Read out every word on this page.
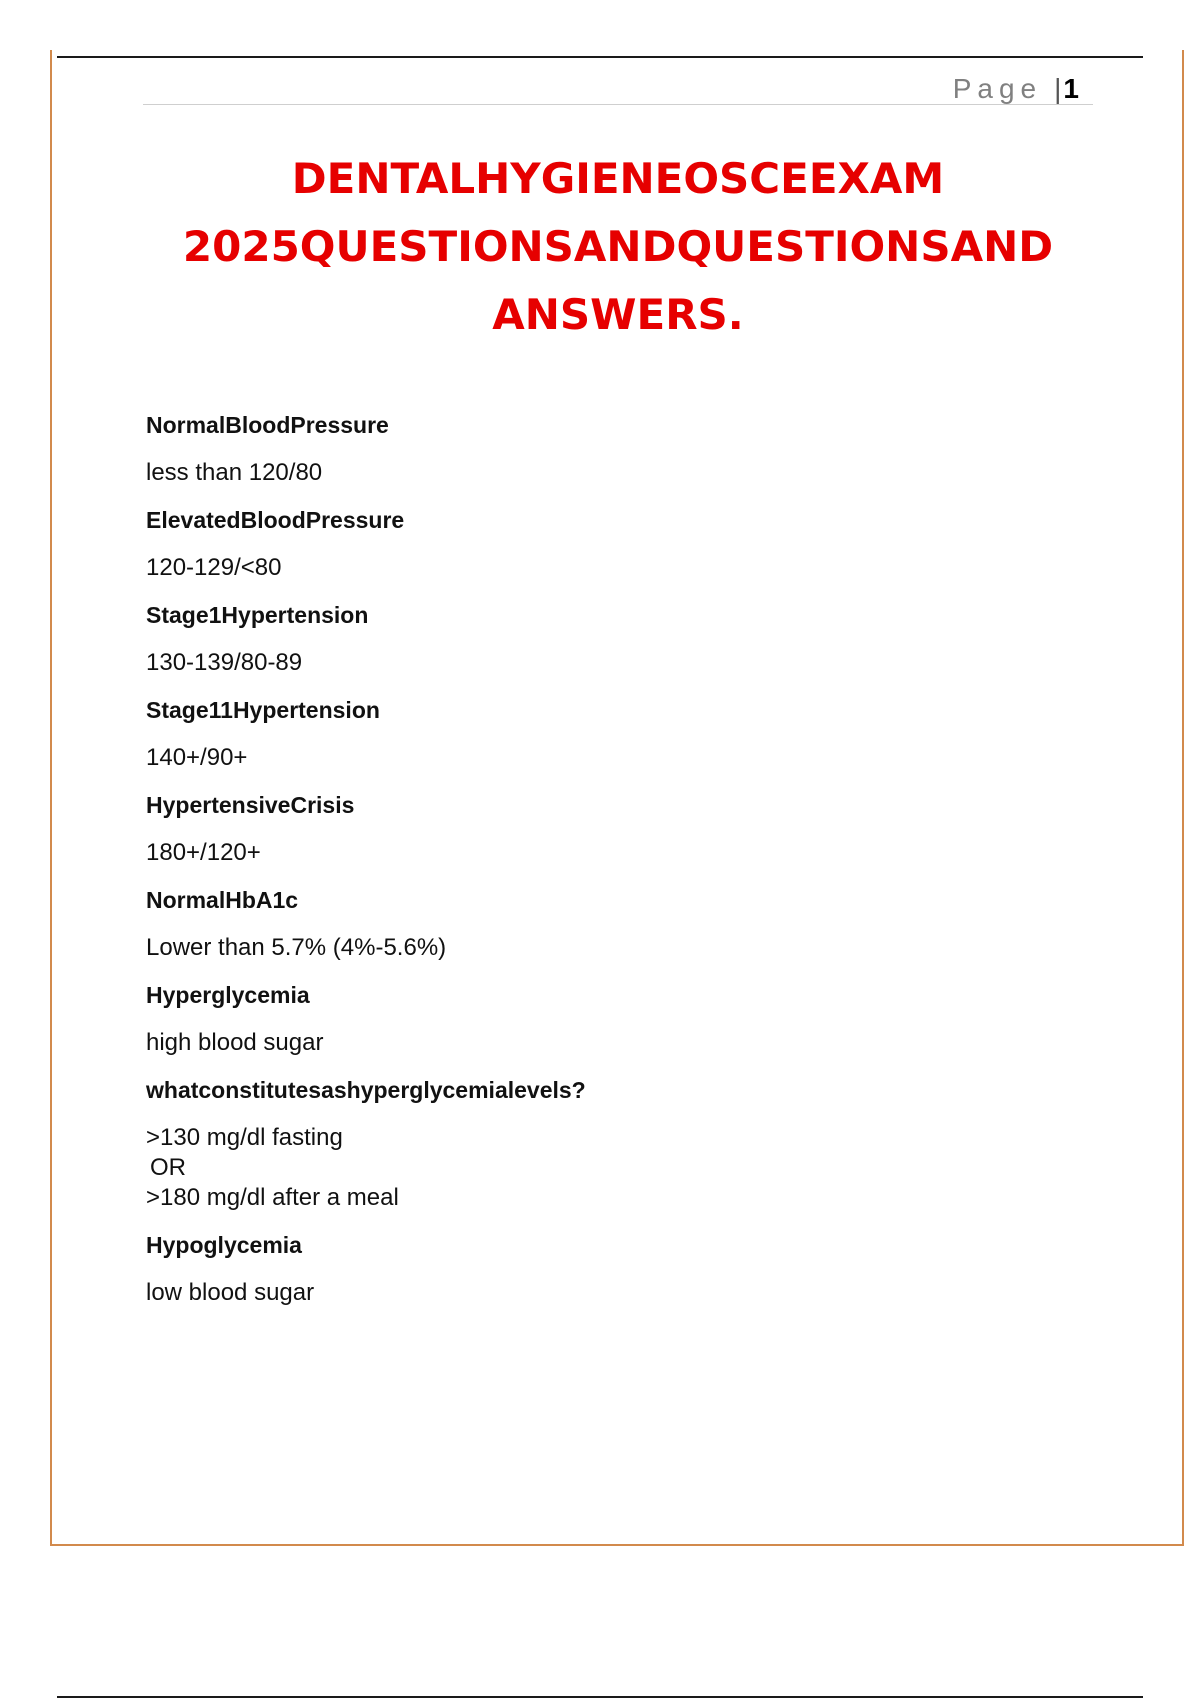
Page |1
DENTALHYGIENEOSCEEXAM
2025QUESTIONSANDQUESTIONSAND
ANSWERS.

NormalBloodPressure

less than 120/80

ElevatedBloodPressure

120-129/<80

Stage1Hypertension

130-139/80-89

Stage11Hypertension

140+/90+

HypertensiveCrisis

180+/120+

NormalHbA1c

Lower than 5.7% (4%-5.6%)

Hyperglycemia

high blood sugar

whatconstitutesashyperglycemialevels?

>130 mg/dl fasting
OR
>180 mg/dl after a meal

Hypoglycemia

low blood sugar
